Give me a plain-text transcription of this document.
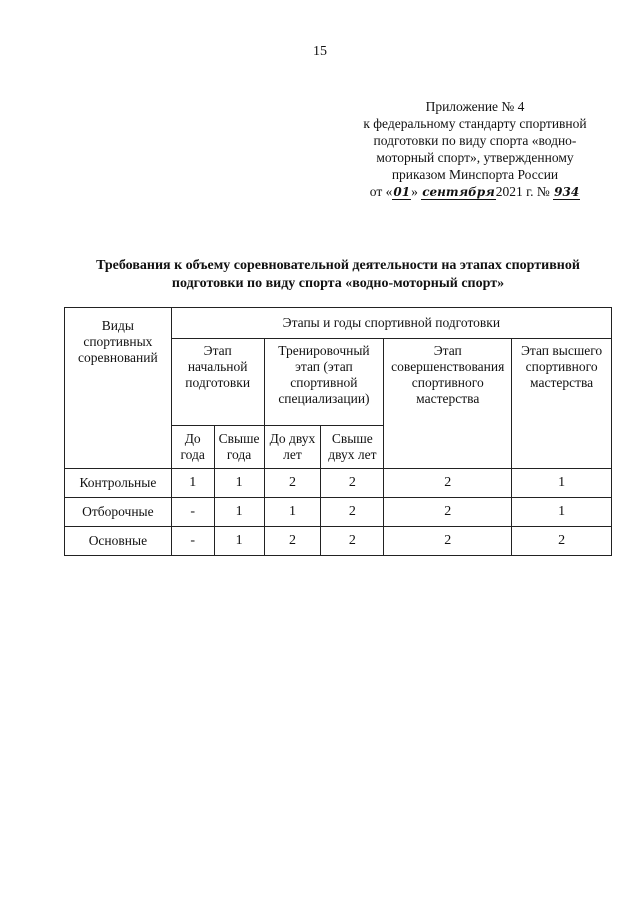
15
Приложение № 4
к федеральному стандарту спортивной
подготовки по виду спорта «водно-
моторный спорт», утвержденному
приказом Минспорта России
от «01» сентября2021 г. № 934
Требования к объему соревновательной деятельности на этапах спортивной
подготовки по виду спорта «водно-моторный спорт»
Виды спортивных соревнований	Этапы и годы спортивной подготовки					
	Этап начальной подготовки		Тренировочный этап (этап спортивной специализации)		Этап совершенствования спортивного мастерства	Этап высшего спортивного мастерства
	До года	Свыше года	До двух лет	Свыше двух лет		
Контрольные	1	1	2	2	2	1
Отборочные	-	1	1	2	2	1
Основные	-	1	2	2	2	2
